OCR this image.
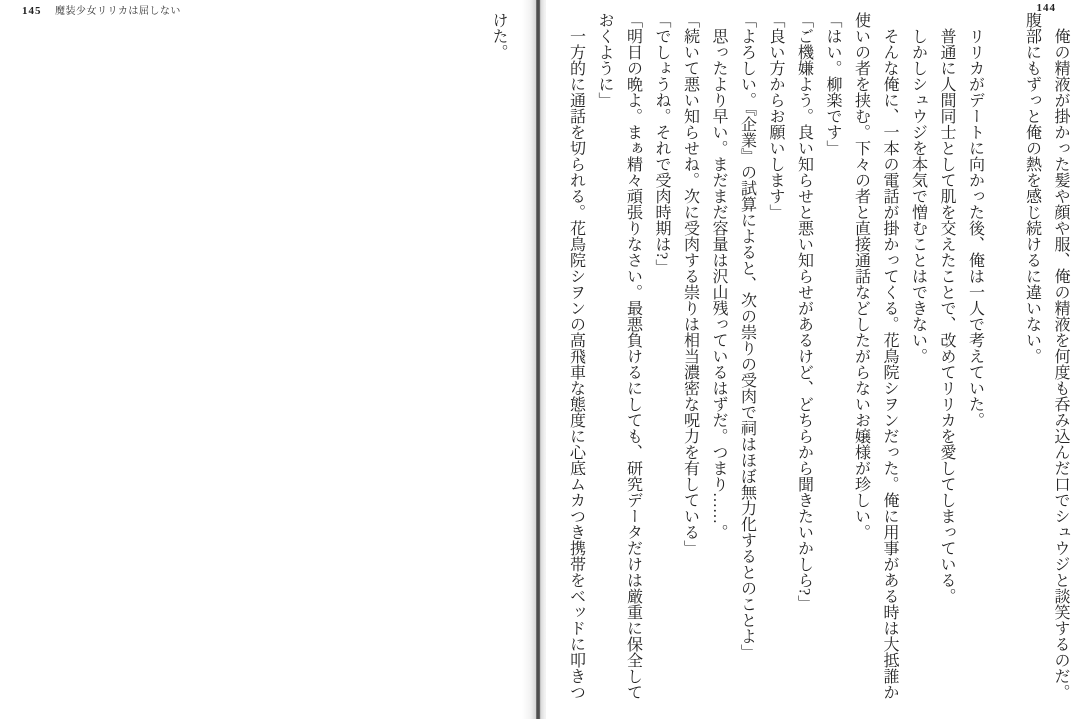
145 魔装少女リリカは屈しない

けた。

144

　俺の精液が掛かった髪や顔や服、俺の精液を何度も呑み込んだ口でシュウジと談笑するのだ。

腹部にもずっと俺の熱を感じ続けるに違いない。

　リリカがデートに向かった後、俺は一人で考えていた。

　普通に人間同士として肌を交えたことで、改めてリリカを愛してしまっている。

　しかしシュウジを本気で憎むことはできない。

　そんな俺に、一本の電話が掛かってくる。花鳥院シヲンだった。俺に用事がある時は大抵誰か

使いの者を挟む。下々の者と直接通話などしたがらないお嬢様が珍しい。

「はい。柳楽です」

「ご機嫌よう。良い知らせと悪い知らせがあるけど、どちらから聞きたいかしら?」

「良い方からお願いします」

「よろしい。『企業』の試算によると、次の祟りの受肉で祠はほぼ無力化するとのことよ」

　思ったより早い。まだまだ容量は沢山残っているはずだ。つまり……。

「続いて悪い知らせね。次に受肉する祟りは相当濃密な呪力を有している」

「でしょうね。それで受肉時期は?」

「明日の晩よ。まぁ精々頑張りなさい。最悪負けるにしても、研究データだけは厳重に保全して

おくように」

　一方的に通話を切られる。花鳥院シヲンの高飛車な態度に心底ムカつき携帯をベッドに叩きつ
